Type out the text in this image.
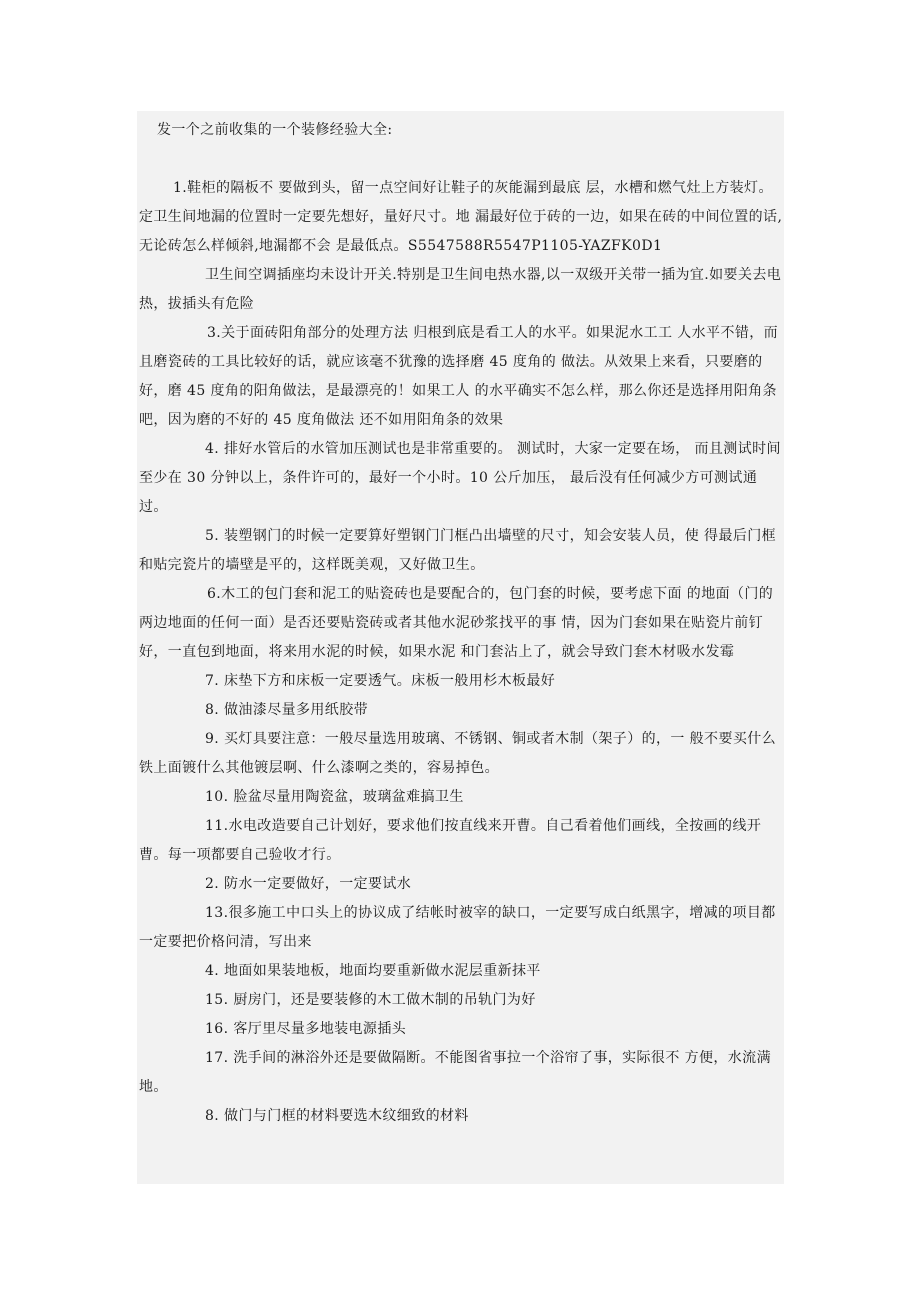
发一个之前收集的一个装修经验大全:

1.鞋柜的隔板不 要做到头，留一点空间好让鞋子的灰能漏到最底 层，水槽和燃气灶上方装灯。定卫生间地漏的位置时一定要先想好，量好尺寸。地 漏最好位于砖的一边，如果在砖的中间位置的话,无论砖怎么样倾斜,地漏都不会 是最低点。S5547588R5547P1105-YAZFK0D1

卫生间空调插座均未设计开关.特别是卫生间电热水器,以一双级开关带一插为宜.如要关去电热，拔插头有危险

3.关于面砖阳角部分的处理方法 归根到底是看工人的水平。如果泥水工工 人水平不错，而且磨瓷砖的工具比较好的话，就应该毫不犹豫的选择磨 45 度角的 做法。从效果上来看，只要磨的好，磨 45 度角的阳角做法，是最漂亮的！如果工人 的水平确实不怎么样，那么你还是选择用阳角条吧，因为磨的不好的 45 度角做法 还不如用阳角条的效果

4. 排好水管后的水管加压测试也是非常重要的。 测试时，大家一定要在场， 而且测试时间至少在 30 分钟以上，条件许可的，最好一个小时。10 公斤加压， 最后没有任何减少方可测试通过。

5. 装塑钢门的时候一定要算好塑钢门门框凸出墙壁的尺寸，知会安装人员，使 得最后门框和贴完瓷片的墙壁是平的，这样既美观，又好做卫生。

6.木工的包门套和泥工的贴瓷砖也是要配合的，包门套的时候，要考虑下面 的地面（门的两边地面的任何一面）是否还要贴瓷砖或者其他水泥砂浆找平的事 情，因为门套如果在贴瓷片前钉好，一直包到地面，将来用水泥的时候，如果水泥 和门套沾上了，就会导致门套木材吸水发霉

7. 床垫下方和床板一定要透气。床板一般用杉木板最好

8. 做油漆尽量多用纸胶带

9. 买灯具要注意：一般尽量选用玻璃、不锈钢、铜或者木制（架子）的，一 般不要买什么铁上面镀什么其他镀层啊、什么漆啊之类的，容易掉色。

10. 脸盆尽量用陶瓷盆，玻璃盆难搞卫生

11.水电改造要自己计划好，要求他们按直线来开曹。自己看着他们画线，全按画的线开曹。每一项都要自己验收才行。

2. 防水一定要做好，一定要试水

13.很多施工中口头上的协议成了结帐时被宰的缺口，一定要写成白纸黑字，增减的项目都一定要把价格问清，写出来

4. 地面如果装地板，地面均要重新做水泥层重新抹平

15. 厨房门，还是要装修的木工做木制的吊轨门为好

16. 客厅里尽量多地装电源插头

17. 洗手间的淋浴外还是要做隔断。不能图省事拉一个浴帘了事，实际很不 方便，水流满地。

8. 做门与门框的材料要选木纹细致的材料
